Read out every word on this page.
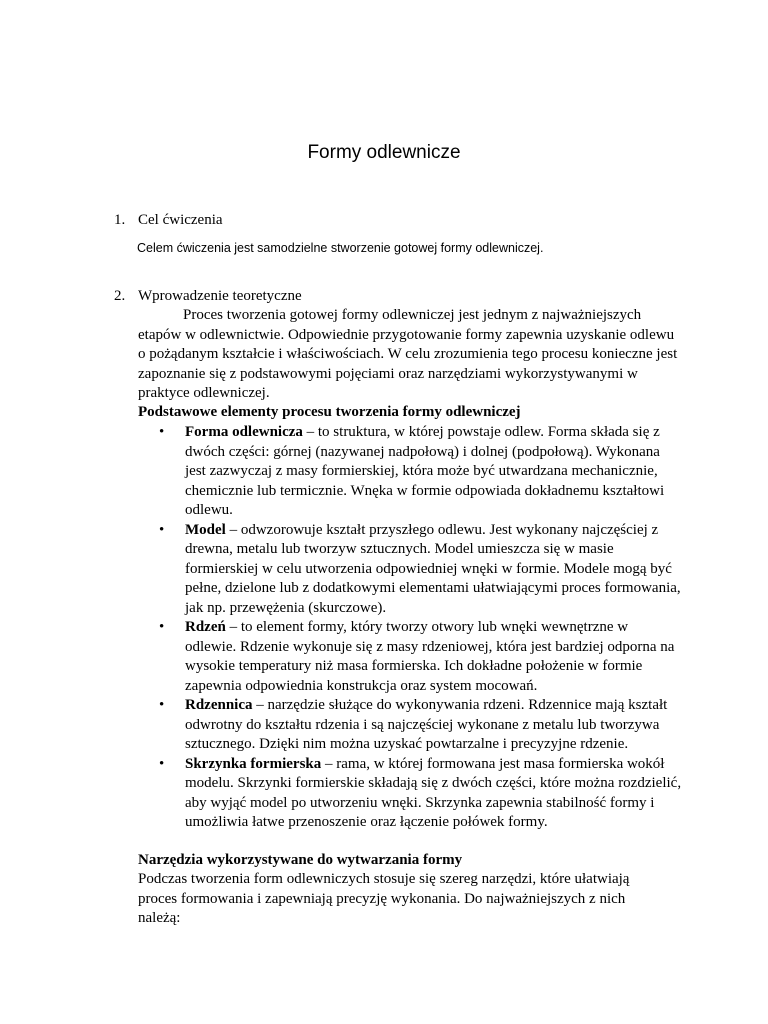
Formy odlewnicze
1. Cel ćwiczenia
Celem ćwiczenia jest samodzielne stworzenie gotowej formy odlewniczej.
2. Wprowadzenie teoretyczne
Proces tworzenia gotowej formy odlewniczej jest jednym z najważniejszych etapów w odlewnictwie. Odpowiednie przygotowanie formy zapewnia uzyskanie odlewu o pożądanym kształcie i właściwościach. W celu zrozumienia tego procesu konieczne jest zapoznanie się z podstawowymi pojęciami oraz narzędziami wykorzystywanymi w praktyce odlewniczej.
Podstawowe elementy procesu tworzenia formy odlewniczej
• Forma odlewnicza – to struktura, w której powstaje odlew. Forma składa się z dwóch części: górnej (nazywanej nadpołową) i dolnej (podpołową). Wykonana jest zazwyczaj z masy formierskiej, która może być utwardzana mechanicznie, chemicznie lub termicznie. Wnęka w formie odpowiada dokładnemu kształtowi odlewu.
• Model – odwzorowuje kształt przyszłego odlewu. Jest wykonany najczęściej z drewna, metalu lub tworzyw sztucznych. Model umieszcza się w masie formierskiej w celu utworzenia odpowiedniej wnęki w formie. Modele mogą być pełne, dzielone lub z dodatkowymi elementami ułatwiającymi proces formowania, jak np. przewężenia (skurczowe).
• Rdzeń – to element formy, który tworzy otwory lub wnęki wewnętrzne w odlewie. Rdzenie wykonuje się z masy rdzeniowej, która jest bardziej odporna na wysokie temperatury niż masa formierska. Ich dokładne położenie w formie zapewnia odpowiednia konstrukcja oraz system mocowań.
• Rdzennica – narzędzie służące do wykonywania rdzeni. Rdzennice mają kształt odwrotny do kształtu rdzenia i są najczęściej wykonane z metalu lub tworzywa sztucznego. Dzięki nim można uzyskać powtarzalne i precyzyjne rdzenie.
• Skrzynka formierska – rama, w której formowana jest masa formierska wokół modelu. Skrzynki formierskie składają się z dwóch części, które można rozdzielić, aby wyjąć model po utworzeniu wnęki. Skrzynka zapewnia stabilność formy i umożliwia łatwe przenoszenie oraz łączenie połówek formy.
Narzędzia wykorzystywane do wytwarzania formy
Podczas tworzenia form odlewniczych stosuje się szereg narzędzi, które ułatwiają proces formowania i zapewniają precyzję wykonania. Do najważniejszych z nich należą:
